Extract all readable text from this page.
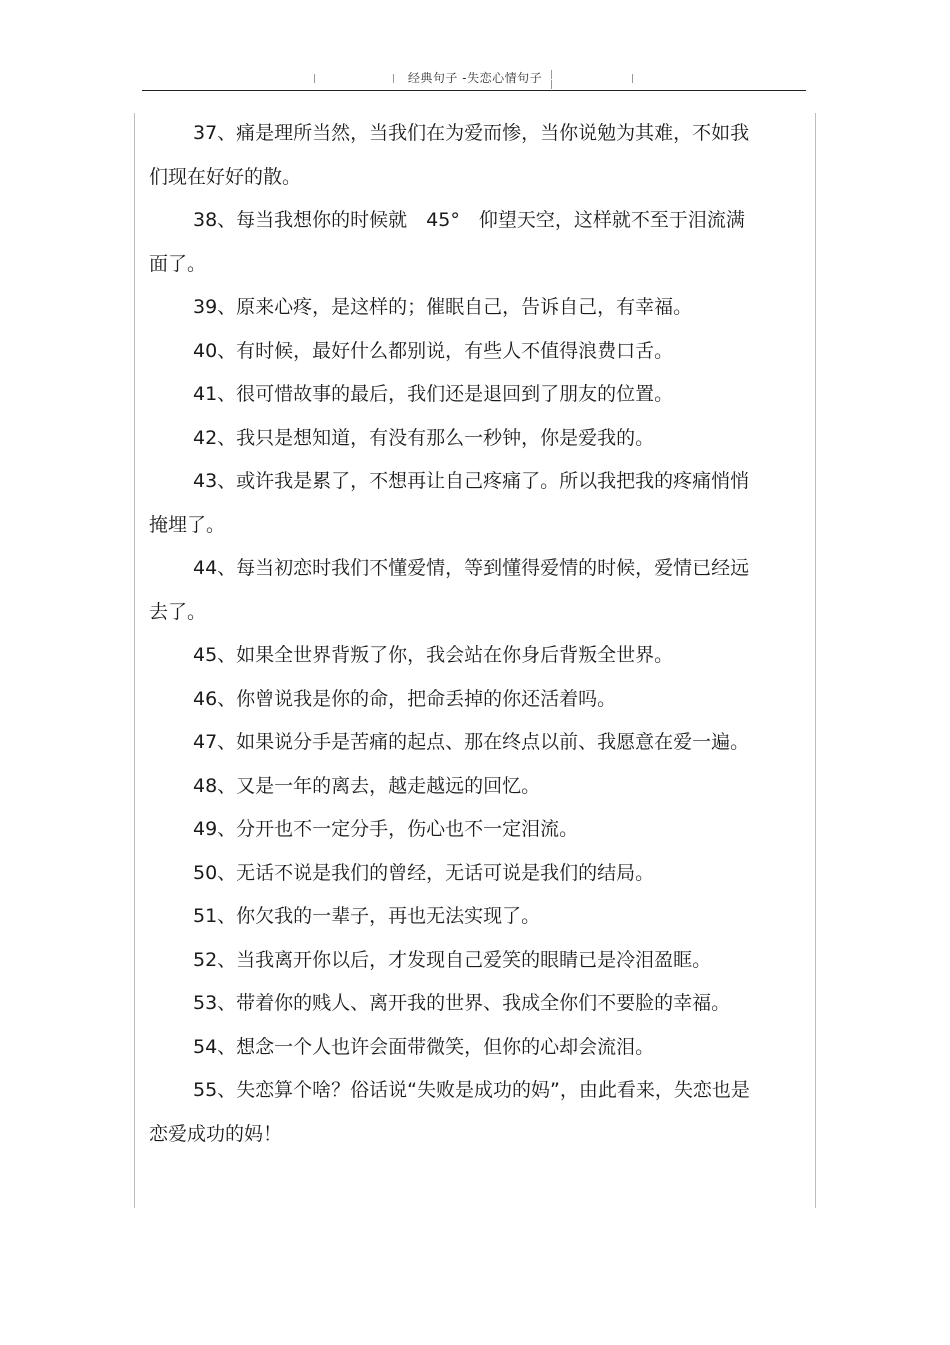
经典句子 -失恋心情句子

37、痛是理所当然，当我们在为爱而惨，当你说勉为其难，不如我们现在好好的散。

38、每当我想你的时候就　45°　仰望天空，这样就不至于泪流满面了。

39、原来心疼，是这样的；催眠自己，告诉自己，有幸福。

40、有时候，最好什么都别说，有些人不值得浪费口舌。

41、很可惜故事的最后，我们还是退回到了朋友的位置。

42、我只是想知道，有没有那么一秒钟，你是爱我的。

43、或许我是累了，不想再让自己疼痛了。所以我把我的疼痛悄悄掩埋了。

44、每当初恋时我们不懂爱情，等到懂得爱情的时候，爱情已经远去了。

45、如果全世界背叛了你，我会站在你身后背叛全世界。

46、你曾说我是你的命，把命丢掉的你还活着吗。

47、如果说分手是苦痛的起点、那在终点以前、我愿意在爱一遍。

48、又是一年的离去，越走越远的回忆。

49、分开也不一定分手，伤心也不一定泪流。

50、无话不说是我们的曾经，无话可说是我们的结局。

51、你欠我的一辈子，再也无法实现了。

52、当我离开你以后，才发现自己爱笑的眼睛已是冷泪盈眶。

53、带着你的贱人、离开我的世界、我成全你们不要脸的幸福。

54、想念一个人也许会面带微笑，但你的心却会流泪。

55、失恋算个啥？俗话说“失败是成功的妈”，由此看来，失恋也是恋爱成功的妈！
